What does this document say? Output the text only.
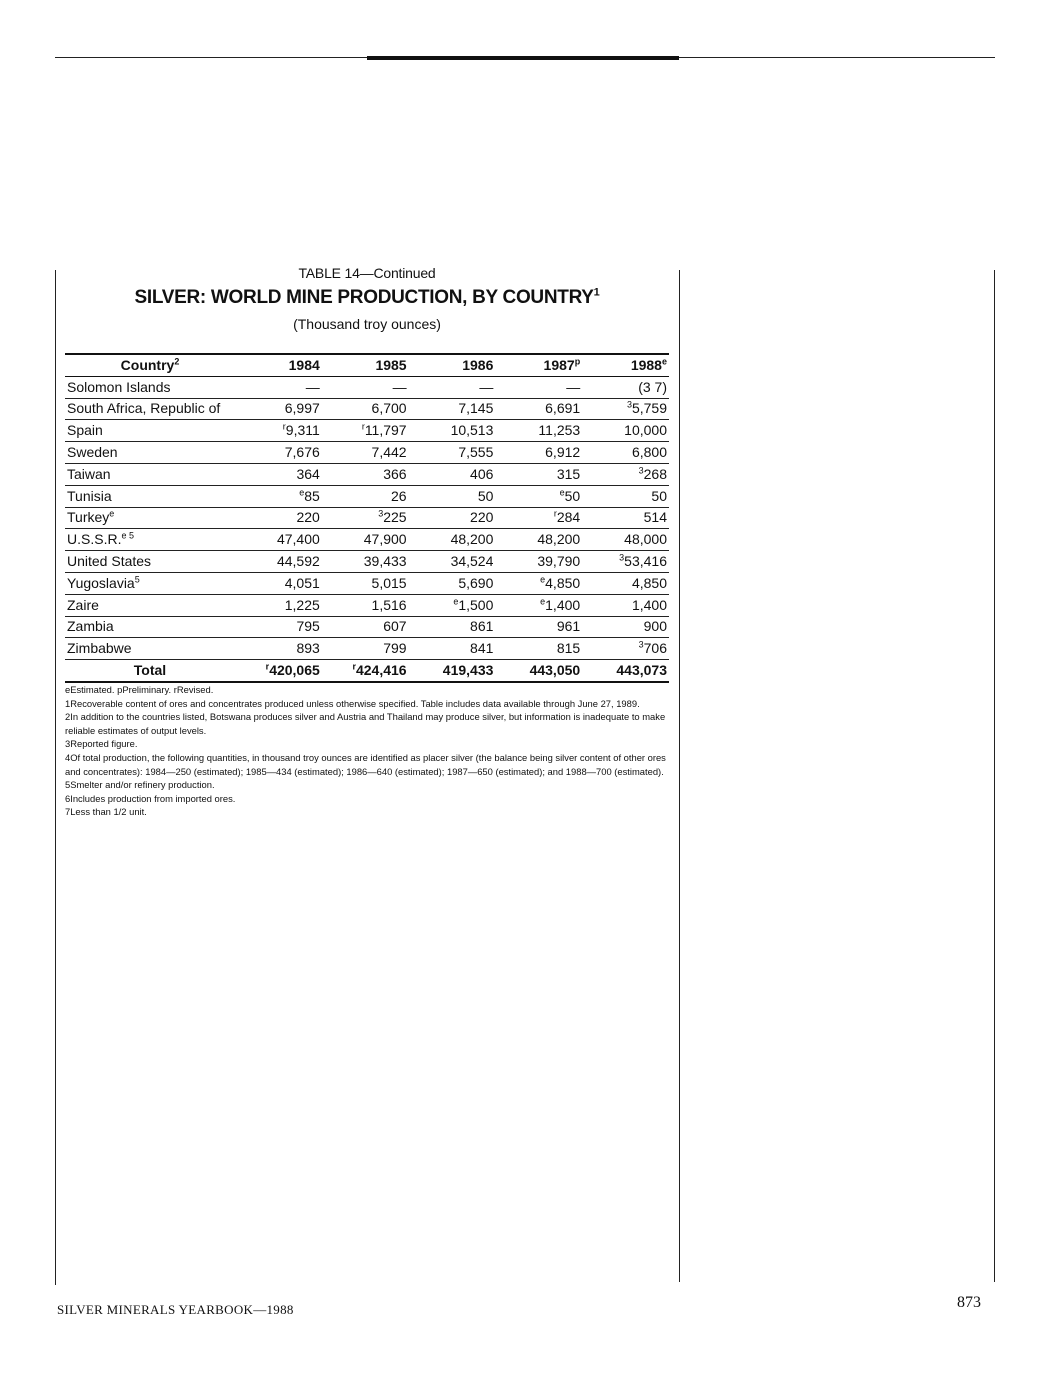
TABLE 14—Continued

SILVER: WORLD MINE PRODUCTION, BY COUNTRY$^1$

(Thousand troy ounces)

Country$^2$	1984	1985	1986	1987$^p$	1988e
Solomon Islands	—	—	—	—	(3 7)
South Africa, Republic of	6,997	6,700	7,145	6,691	$^3$5,759
Spain	$^r$9,311	$^r$11,797	10,513	11,253	10,000
Sweden	7,676	7,442	7,555	6,912	6,800
Taiwan	364	366	406	315	$^3$268
Tunisia	$^e$85	26	50	$^e$50	50
Turkey$^e$	220	$^3$225	220	$^r$284	514
U.S.S.R.$^{e 5}$	47,400	47,900	48,200	48,200	48,000
United States	44,592	39,433	34,524	39,790	$^3$53,416
Yugoslavia$^5$	4,051	5,015	5,690	$^e$4,850	4,850
Zaire	1,225	1,516	$^e$1,500	$^e$1,400	1,400
Zambia	795	607	861	961	900
Zimbabwe	893	799	841	815	$^3$706
Total	$^r$420,065	$^r$424,416	419,433	443,050	443,073

eEstimated. pPreliminary. rRevised.

1Recoverable content of ores and concentrates produced unless otherwise specified. Table includes data available through June 27, 1989.

2In addition to the countries listed, Botswana produces silver and Austria and Thailand may produce silver, but information is inadequate to make reliable estimates of output levels.

3Reported figure.

4Of total production, the following quantities, in thousand troy ounces are identified as placer silver (the balance being silver content of other ores and concentrates): 1984—250 (estimated); 1985—434 (estimated); 1986—640 (estimated); 1987—650 (estimated); and 1988—700 (estimated).

5Smelter and/or refinery production.

6Includes production from imported ores.

7Less than 1/2 unit.

SILVER MINERALS YEARBOOK—1988	873
